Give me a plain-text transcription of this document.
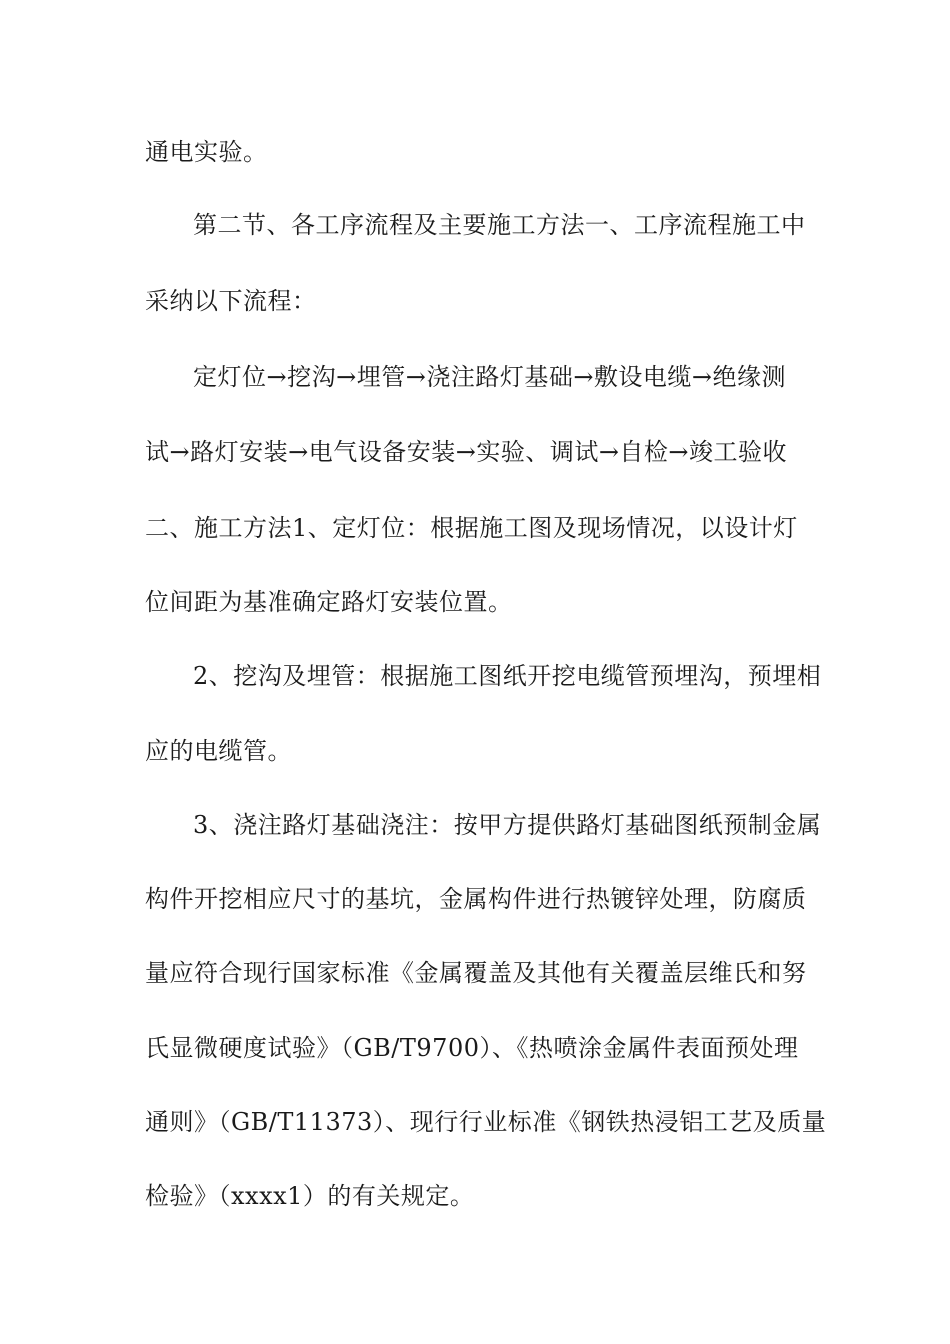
通电实验。

第二节、各工序流程及主要施工方法一、工序流程施工中

采纳以下流程：

定灯位→挖沟→埋管→浇注路灯基础→敷设电缆→绝缘测

试→路灯安装→电气设备安装→实验、调试→自检→竣工验收

二、施工方法1、定灯位：根据施工图及现场情况，以设计灯

位间距为基准确定路灯安装位置。

2、挖沟及埋管：根据施工图纸开挖电缆管预埋沟，预埋相

应的电缆管。

3、浇注路灯基础浇注：按甲方提供路灯基础图纸预制金属

构件开挖相应尺寸的基坑，金属构件进行热镀锌处理，防腐质

量应符合现行国家标准《金属覆盖及其他有关覆盖层维氏和努

氏显微硬度试验》（GB/T9700）、《热喷涂金属件表面预处理

通则》（GB/T11373）、现行行业标准《钢铁热浸铝工艺及质量

检验》（xxxx1）的有关规定。
